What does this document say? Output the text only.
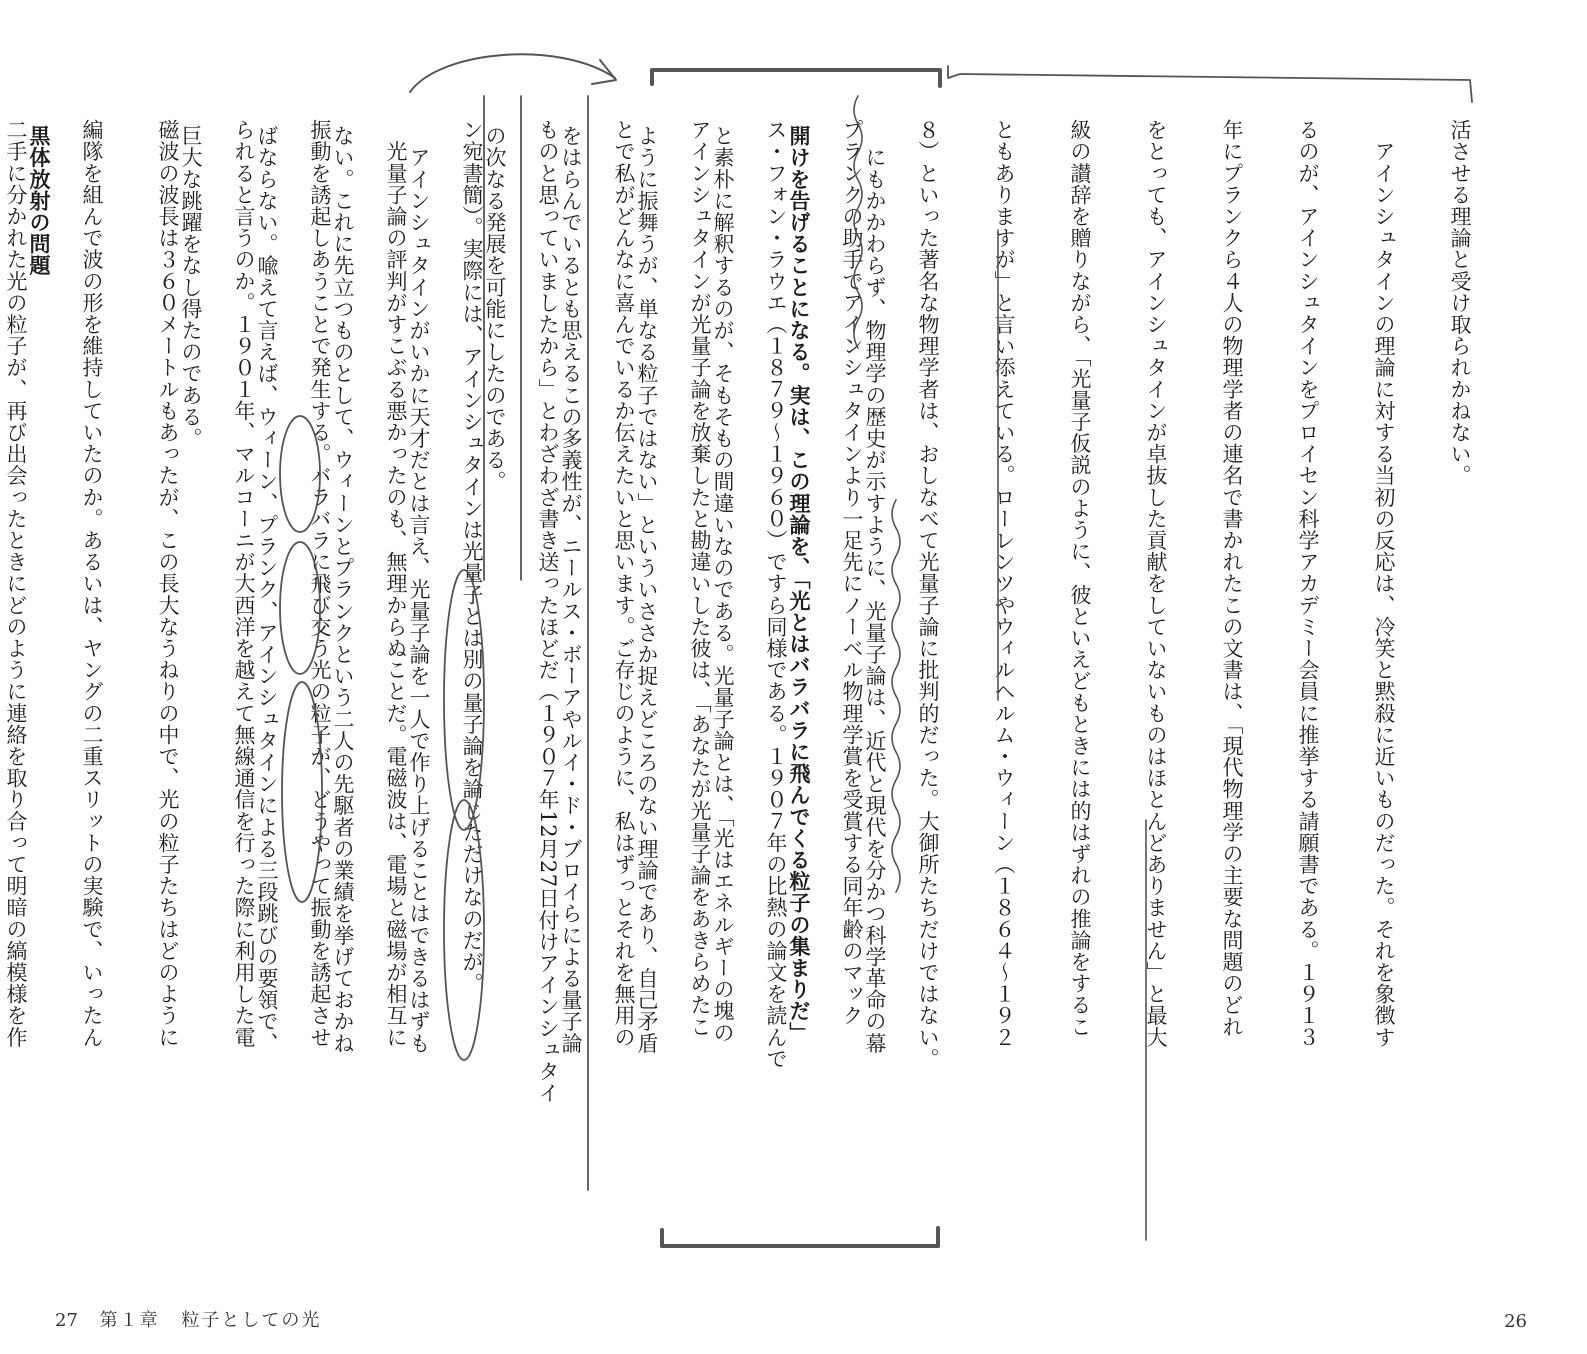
活させる理論と受け取られかねない。

　アインシュタインの理論に対する当初の反応は、冷笑と黙殺に近いものだった。それを象徴す

るのが、アインシュタインをプロイセン科学アカデミー会員に推挙する請願書である。１９１３

年にプランクら４人の物理学者の連名で書かれたこの文書は、「現代物理学の主要な問題のどれ

をとっても、アインシュタインが卓抜した貢献をしていないものはほとんどありません」と最大

級の讃辞を贈りながら、「光量子仮説のように、彼といえどもときには的はずれの推論をするこ

ともありますが」と言い添えている。ローレンツやウィルヘルム・ウィーン（１８６４〜１９２

８）といった著名な物理学者は、おしなべて光量子論に批判的だった。大御所たちだけではない。

プランクの助手でアインシュタインより一足先にノーベル物理学賞を受賞する同年齢のマック

ス・フォン・ラウエ（１８７９〜１９６０）ですら同様である。１９０７年の比熱の論文を読んで

アインシュタインが光量子論を放棄したと勘違いした彼は、「あなたが光量子論をあきらめたこ

とで私がどんなに喜んでいるか伝えたいと思います。ご存じのように、私はずっとそれを無用の

ものと思っていましたから」とわざわざ書き送ったほどだ（１９０７年12月27日付けアインシュタイ

ン宛書簡）。実際には、アインシュタインは光量子とは別の量子論を論じただけなのだが。

　光量子論の評判がすこぶる悪かったのも、無理からぬことだ。電磁波は、電場と磁場が相互に

振動を誘起しあうことで発生する。バラバラに飛び交う光の粒子が、どうやって振動を誘起させ

られると言うのか。１９０１年、マルコーニが大西洋を越えて無線通信を行った際に利用した電

磁波の波長は３６０メートルもあったが、この長大なうねりの中で、光の粒子たちはどのように

編隊を組んで波の形を維持していたのか。あるいは、ヤングの二重スリットの実験で、いったん

二手に分かれた光の粒子が、再び出会ったときにどのように連絡を取り合って明暗の縞模様を作

	　にもかかわらず、物理学の歴史が示すように、光量子論は、近代と現代を分かつ科学革命の幕

開けを告げることになる。実は、この理論を、「光とはバラバラに飛んでくる粒子の集まりだ」

と素朴に解釈するのが、そもそもの間違いなのである。光量子論とは、「光はエネルギーの塊の

ように振舞うが、単なる粒子ではない」といういささか捉えどころのない理論であり、自己矛盾

をはらんでいるとも思えるこの多義性が、ニールス・ボーアやルイ・ド・ブロイらによる量子論

の次なる発展を可能にしたのである。

　アインシュタインがいかに天才だとは言え、光量子論を一人で作り上げることはできるはずも

ない。これに先立つものとして、ウィーンとプランクという二人の先駆者の業績を挙げておかね

ばならない。喩えて言えば、ウィーン、プランク、アインシュタインによる三段跳びの要領で、

巨大な跳躍をなし得たのである。

黒体放射の問題

26
27 第１章 粒子としての光
